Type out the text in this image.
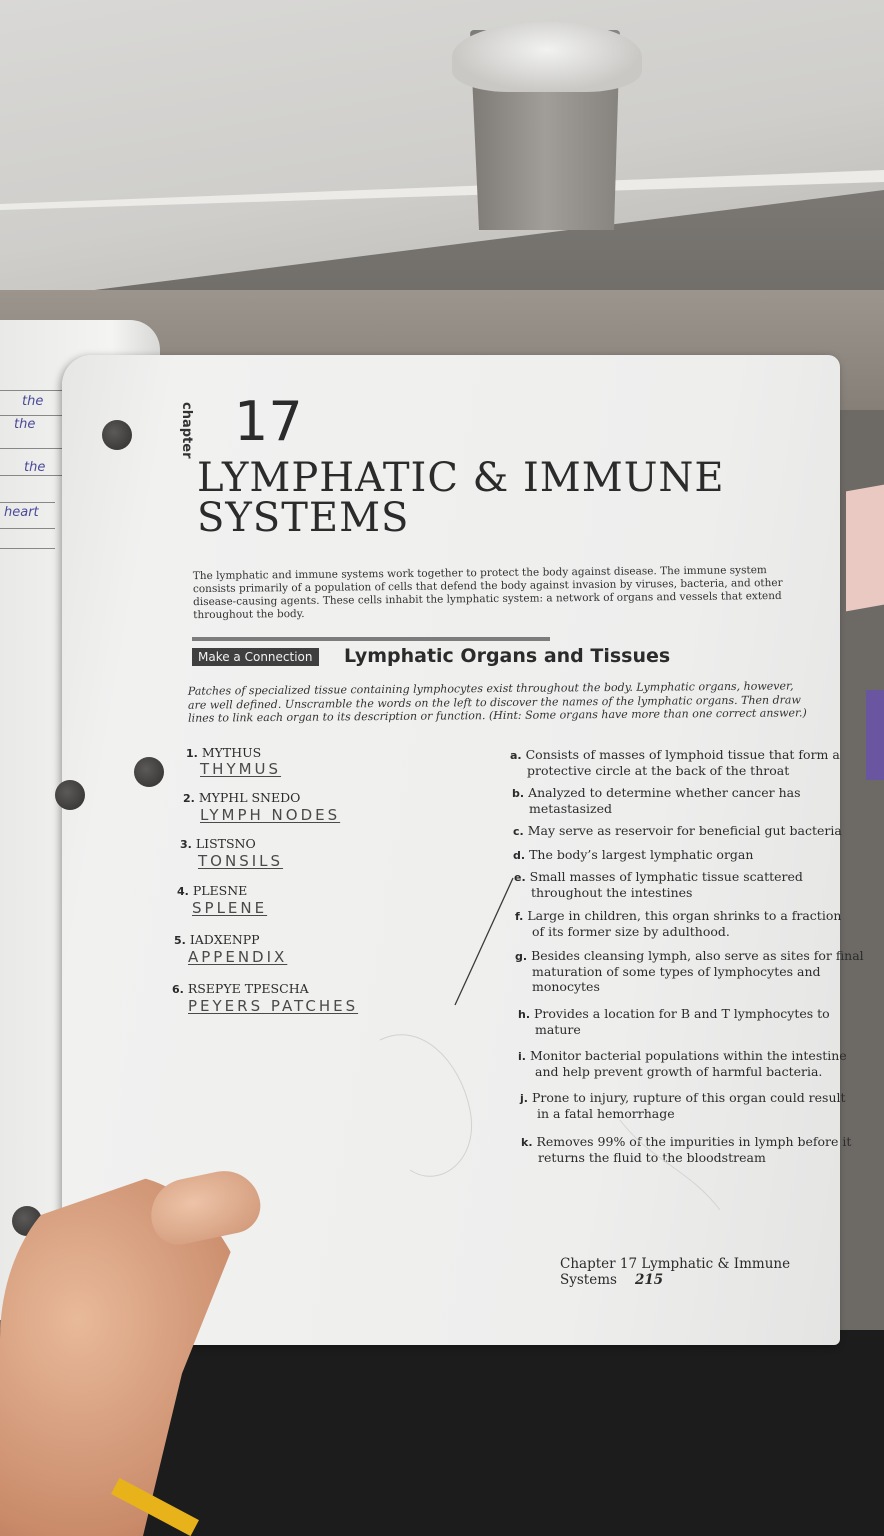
the
the
the
heart
chapter 17
LYMPHATIC & IMMUNE
SYSTEMS

The lymphatic and immune systems work together to protect the body against disease. The immune system consists primarily of a population of cells that defend the body against invasion by viruses, bacteria, and other disease-causing agents. These cells inhabit the lymphatic system: a network of organs and vessels that extend throughout the body.

Make a Connection	Lymphatic Organs and Tissues

Patches of specialized tissue containing lymphocytes exist throughout the body. Lymphatic organs, however, are well defined. Unscramble the words on the left to discover the names of the lymphatic organs. Then draw lines to link each organ to its description or function. (Hint: Some organs have more than one correct answer.)

1. MYTHUS
THYMUS
2. MYPHL SNEDO
LYMPH NODES
3. LISTSNO
TONSILS
4. PLESNE
SPLENE
5. IADXENPP
APPENDIX
6. RSEPYE TPESCHA
PEYERS PATCHES
a. Consists of masses of lymphoid tissue that form a
protective circle at the back of the throat
b. Analyzed to determine whether cancer has
metastasized
c. May serve as reservoir for beneficial gut bacteria
d. The body’s largest lymphatic organ
e. Small masses of lymphatic tissue scattered
throughout the intestines
f. Large in children, this organ shrinks to a fraction
of its former size by adulthood.
g. Besides cleansing lymph, also serve as sites for final
maturation of some types of lymphocytes and
monocytes
h. Provides a location for B and T lymphocytes to
mature
i. Monitor bacterial populations within the intestine
and help prevent growth of harmful bacteria.
j. Prone to injury, rupture of this organ could result
in a fatal hemorrhage
k. Removes 99% of the impurities in lymph before it
returns the fluid to the bloodstream
Chapter 17 Lymphatic & Immune Systems 215
